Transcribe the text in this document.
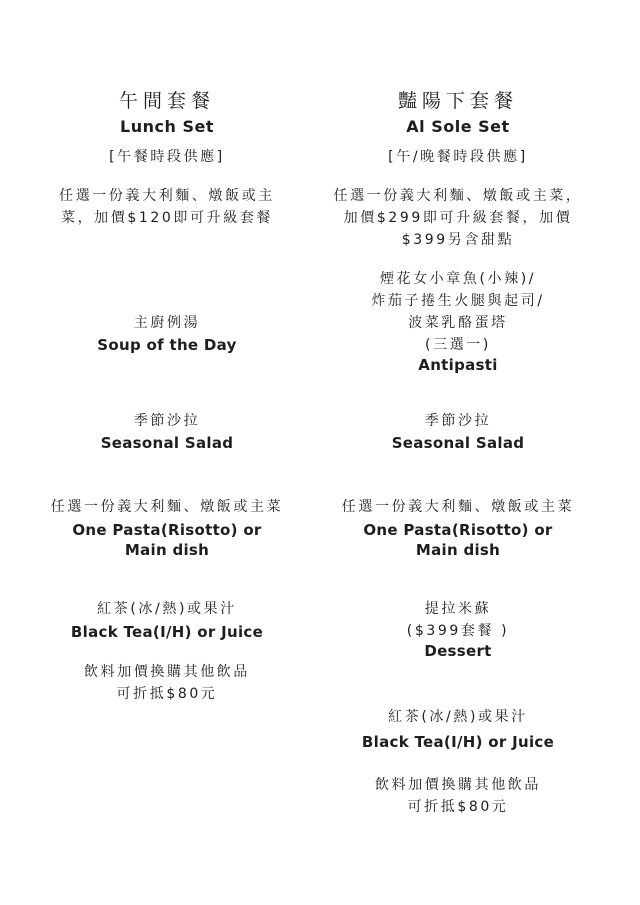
午間套餐
Lunch Set
[午餐時段供應]
任選一份義大利麵、燉飯或主
菜，加價$120即可升級套餐
主廚例湯
Soup of the Day
季節沙拉
Seasonal Salad
任選一份義大利麵、燉飯或主菜
One Pasta(Risotto) or
Main dish
紅茶(冰/熱)或果汁
Black Tea(I/H) or Juice
飲料加價換購其他飲品
可折抵$80元
豔陽下套餐
Al Sole Set
[午/晚餐時段供應]
任選一份義大利麵、燉飯或主菜，
加價$299即可升級套餐，加價
$399另含甜點
煙花女小章魚(小辣)/
炸茄子捲生火腿與起司/
波菜乳酪蛋塔
(三選一)
Antipasti
季節沙拉
Seasonal Salad
任選一份義大利麵、燉飯或主菜
One Pasta(Risotto) or
Main dish
提拉米蘇
($399套餐 )
Dessert
紅茶(冰/熱)或果汁
Black Tea(I/H) or Juice
飲料加價換購其他飲品
可折抵$80元
